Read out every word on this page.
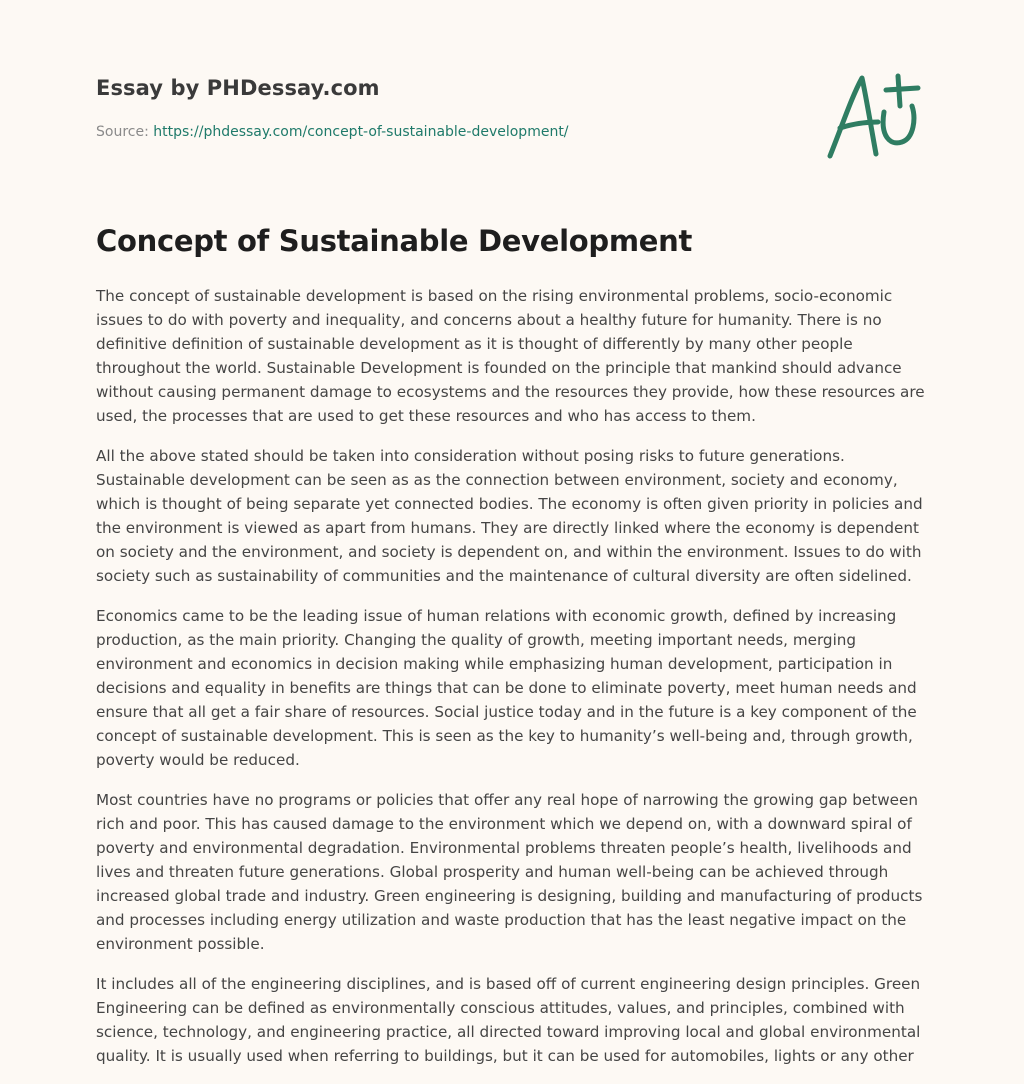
Essay by PHDessay.com
Source: https://phdessay.com/concept-of-sustainable-development/
Concept of Sustainable Development

The concept of sustainable development is based on the rising environmental problems, socio-economic issues to do with poverty and inequality, and concerns about a healthy future for humanity. There is no definitive definition of sustainable development as it is thought of differently by many other people throughout the world. Sustainable Development is founded on the principle that mankind should advance without causing permanent damage to ecosystems and the resources they provide, how these resources are used, the processes that are used to get these resources and who has access to them.

All the above stated should be taken into consideration without posing risks to future generations. Sustainable development can be seen as as the connection between environment, society and economy, which is thought of being separate yet connected bodies. The economy is often given priority in policies and the environment is viewed as apart from humans. They are directly linked where the economy is dependent on society and the environment, and society is dependent on, and within the environment. Issues to do with society such as sustainability of communities and the maintenance of cultural diversity are often sidelined.

Economics came to be the leading issue of human relations with economic growth, defined by increasing production, as the main priority. Changing the quality of growth, meeting important needs, merging environment and economics in decision making while emphasizing human development, participation in decisions and equality in benefits are things that can be done to eliminate poverty, meet human needs and ensure that all get a fair share of resources. Social justice today and in the future is a key component of the concept of sustainable development. This is seen as the key to humanity’s well-being and, through growth, poverty would be reduced.

Most countries have no programs or policies that offer any real hope of narrowing the growing gap between rich and poor. This has caused damage to the environment which we depend on, with a downward spiral of poverty and environmental degradation. Environmental problems threaten people’s health, livelihoods and lives and threaten future generations. Global prosperity and human well-being can be achieved through increased global trade and industry. Green engineering is designing, building and manufacturing of products and processes including energy utilization and waste production that has the least negative impact on the environment possible.

It includes all of the engineering disciplines, and is based off of current engineering design principles. Green Engineering can be defined as environmentally conscious attitudes, values, and principles, combined with science, technology, and engineering practice, all directed toward improving local and global environmental quality. It is usually used when referring to buildings, but it can be used for automobiles, lights or any other
